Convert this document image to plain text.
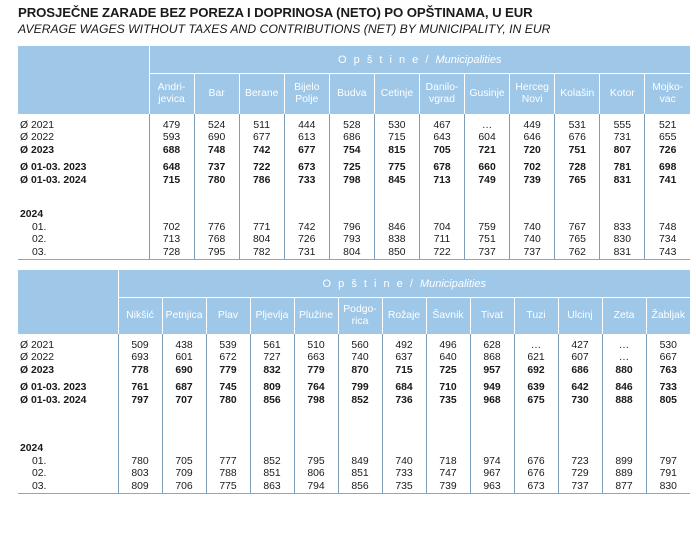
PROSJEČNE ZARADE BEZ POREZA I DOPRINOSA (NETO) PO OPŠTINAMA, U EUR
AVERAGE WAGES WITHOUT TAXES AND CONTRIBUTIONS (NET) BY MUNICIPALITY, IN EUR
	O p š t i n e / Municipalities											
	Andri-
jevica	Bar	Berane	Bijelo
Polje	Budva	Cetinje	Danilo-
vgrad	Gusinje	Herceg
Novi	Kolašin	Kotor	Mojko-
vac

Ø 2021	479	524	511	444	528	530	467	…	449	531	555	521
Ø 2022	593	690	677	613	686	715	643	604	646	676	731	655
Ø 2023	688	748	742	677	754	815	705	721	720	751	807	726

Ø 01-03. 2023	648	737	722	673	725	775	678	660	702	728	781	698
Ø 01-03. 2024	715	780	786	733	798	845	713	749	739	765	831	741

2024												
01.	702	776	771	742	796	846	704	759	740	767	833	748
02.	713	768	804	726	793	838	711	751	740	765	830	734
03.	728	795	782	731	804	850	722	737	737	762	831	743
	O p š t i n e / Municipalities												
	Nikšić	Petnjica	Plav	Pljevlja	Plužine	Podgo-
rica	Rožaje	Šavnik	Tivat	Tuzi	Ulcinj	Zeta	Žabljak

Ø 2021	509	438	539	561	510	560	492	496	628	…	427	…	530
Ø 2022	693	601	672	727	663	740	637	640	868	621	607	…	667
Ø 2023	778	690	779	832	779	870	715	725	957	692	686	880	763

Ø 01-03. 2023	761	687	745	809	764	799	684	710	949	639	642	846	733
Ø 01-03. 2024	797	707	780	856	798	852	736	735	968	675	730	888	805

2024													
01.	780	705	777	852	795	849	740	718	974	676	723	899	797
02.	803	709	788	851	806	851	733	747	967	676	729	889	791
03.	809	706	775	863	794	856	735	739	963	673	737	877	830
